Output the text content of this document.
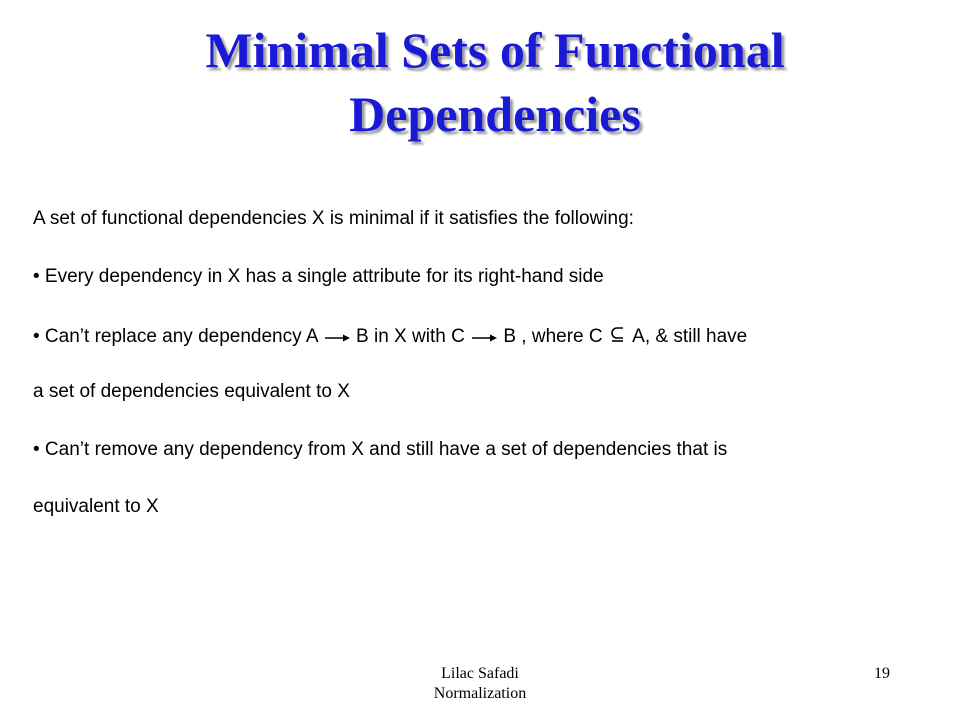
Minimal Sets of Functional
Dependencies
A set of functional dependencies X is minimal if it satisfies the following:
• Every dependency in X has a single attribute for its right-hand side
• Can’t replace any dependency A B in X with C B , where C A, & still have
a set of dependencies equivalent to X
• Can’t remove any dependency from X and still have a set of dependencies that is
equivalent to X
Lilac Safadi
Normalization
19
